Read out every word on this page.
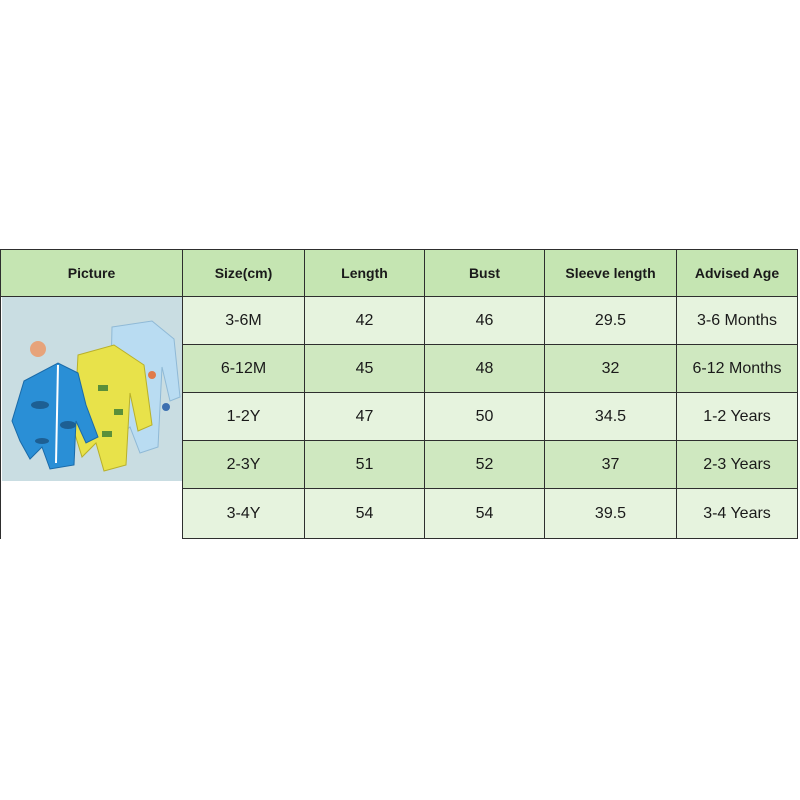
Picture	Size(cm)	Length	Bust	Sleeve length	Advised Age
3-6M	42	46	29.5	3-6 Months
6-12M	45	48	32	6-12 Months
1-2Y	47	50	34.5	1-2 Years
2-3Y	51	52	37	2-3 Years
3-4Y	54	54	39.5	3-4 Years
